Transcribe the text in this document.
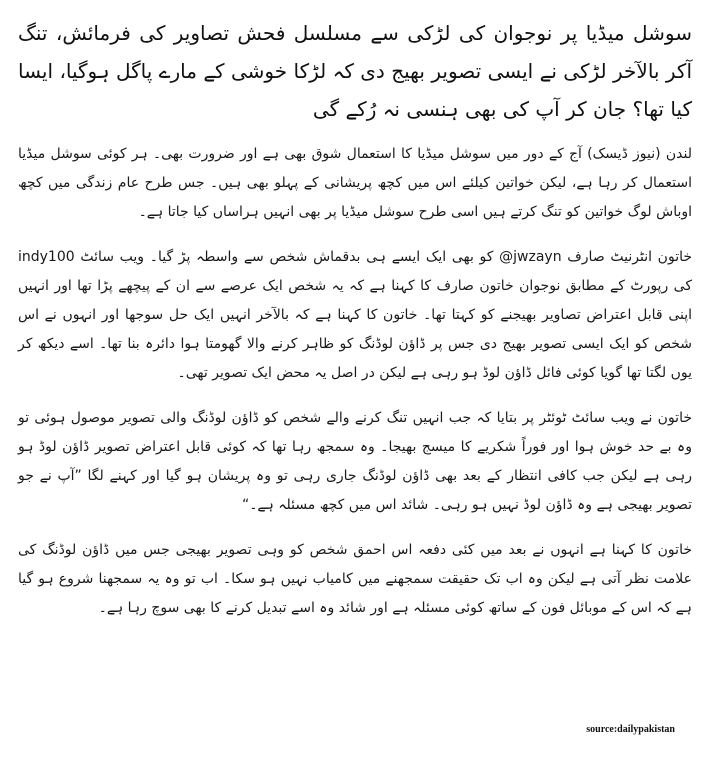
سوشل میڈیا پر نوجوان کی لڑکی سے مسلسل فحش تصاویر کی فرمائش، تنگ آکر بالآخر لڑکی نے ایسی تصویر بھیج دی کہ لڑکا خوشی کے مارے پاگل ہوگیا، ایسا کیا تھا؟ جان کر آپ کی بھی ہنسی نہ رُکے گی

لندن (نیوز ڈیسک) آج کے دور میں سوشل میڈیا کا استعمال شوق بھی ہے اور ضرورت بھی۔ ہر کوئی سوشل میڈیا استعمال کر رہا ہے، لیکن خواتین کیلئے اس میں کچھ پریشانی کے پہلو بھی ہیں۔ جس طرح عام زندگی میں کچھ اوباش لوگ خواتین کو تنگ کرتے ہیں اسی طرح سوشل میڈیا پر بھی انہیں ہراساں کیا جاتا ہے۔

خاتون انٹرنیٹ صارف jwzayn@ کو بھی ایک ایسے ہی بدقماش شخص سے واسطہ پڑ گیا۔ ویب سائٹ indy100 کی رپورٹ کے مطابق نوجوان خاتون صارف کا کہنا ہے کہ یہ شخص ایک عرصے سے ان کے پیچھے پڑا تھا اور انہیں اپنی قابل اعتراض تصاویر بھیجنے کو کہتا تھا۔ خاتون کا کہنا ہے کہ بالآخر انہیں ایک حل سوجھا اور انہوں نے اس شخص کو ایک ایسی تصویر بھیج دی جس پر ڈاؤن لوڈنگ کو ظاہر کرنے والا گھومتا ہوا دائرہ بنا تھا۔ اسے دیکھ کر یوں لگتا تھا گویا کوئی فائل ڈاؤن لوڈ ہو رہی ہے لیکن در اصل یہ محض ایک تصویر تھی۔

خاتون نے ویب سائٹ ٹوئٹر پر بتایا کہ جب انہیں تنگ کرنے والے شخص کو ڈاؤن لوڈنگ والی تصویر موصول ہوئی تو وہ بے حد خوش ہوا اور فوراً شکریے کا میسج بھیجا۔ وہ سمجھ رہا تھا کہ کوئی قابل اعتراض تصویر ڈاؤن لوڈ ہو رہی ہے لیکن جب کافی انتظار کے بعد بھی ڈاؤن لوڈنگ جاری رہی تو وہ پریشان ہو گیا اور کہنے لگا ”آپ نے جو تصویر بھیجی ہے وہ ڈاؤن لوڈ نہیں ہو رہی۔ شائد اس میں کچھ مسئلہ ہے۔“

خاتون کا کہنا ہے انہوں نے بعد میں کئی دفعہ اس احمق شخص کو وہی تصویر بھیجی جس میں ڈاؤن لوڈنگ کی علامت نظر آتی ہے لیکن وہ اب تک حقیقت سمجھنے میں کامیاب نہیں ہو سکا۔ اب تو وہ یہ سمجھنا شروع ہو گیا ہے کہ اس کے موبائل فون کے ساتھ کوئی مسئلہ ہے اور شائد وہ اسے تبدیل کرنے کا بھی سوچ رہا ہے۔

source:dailypakistan
